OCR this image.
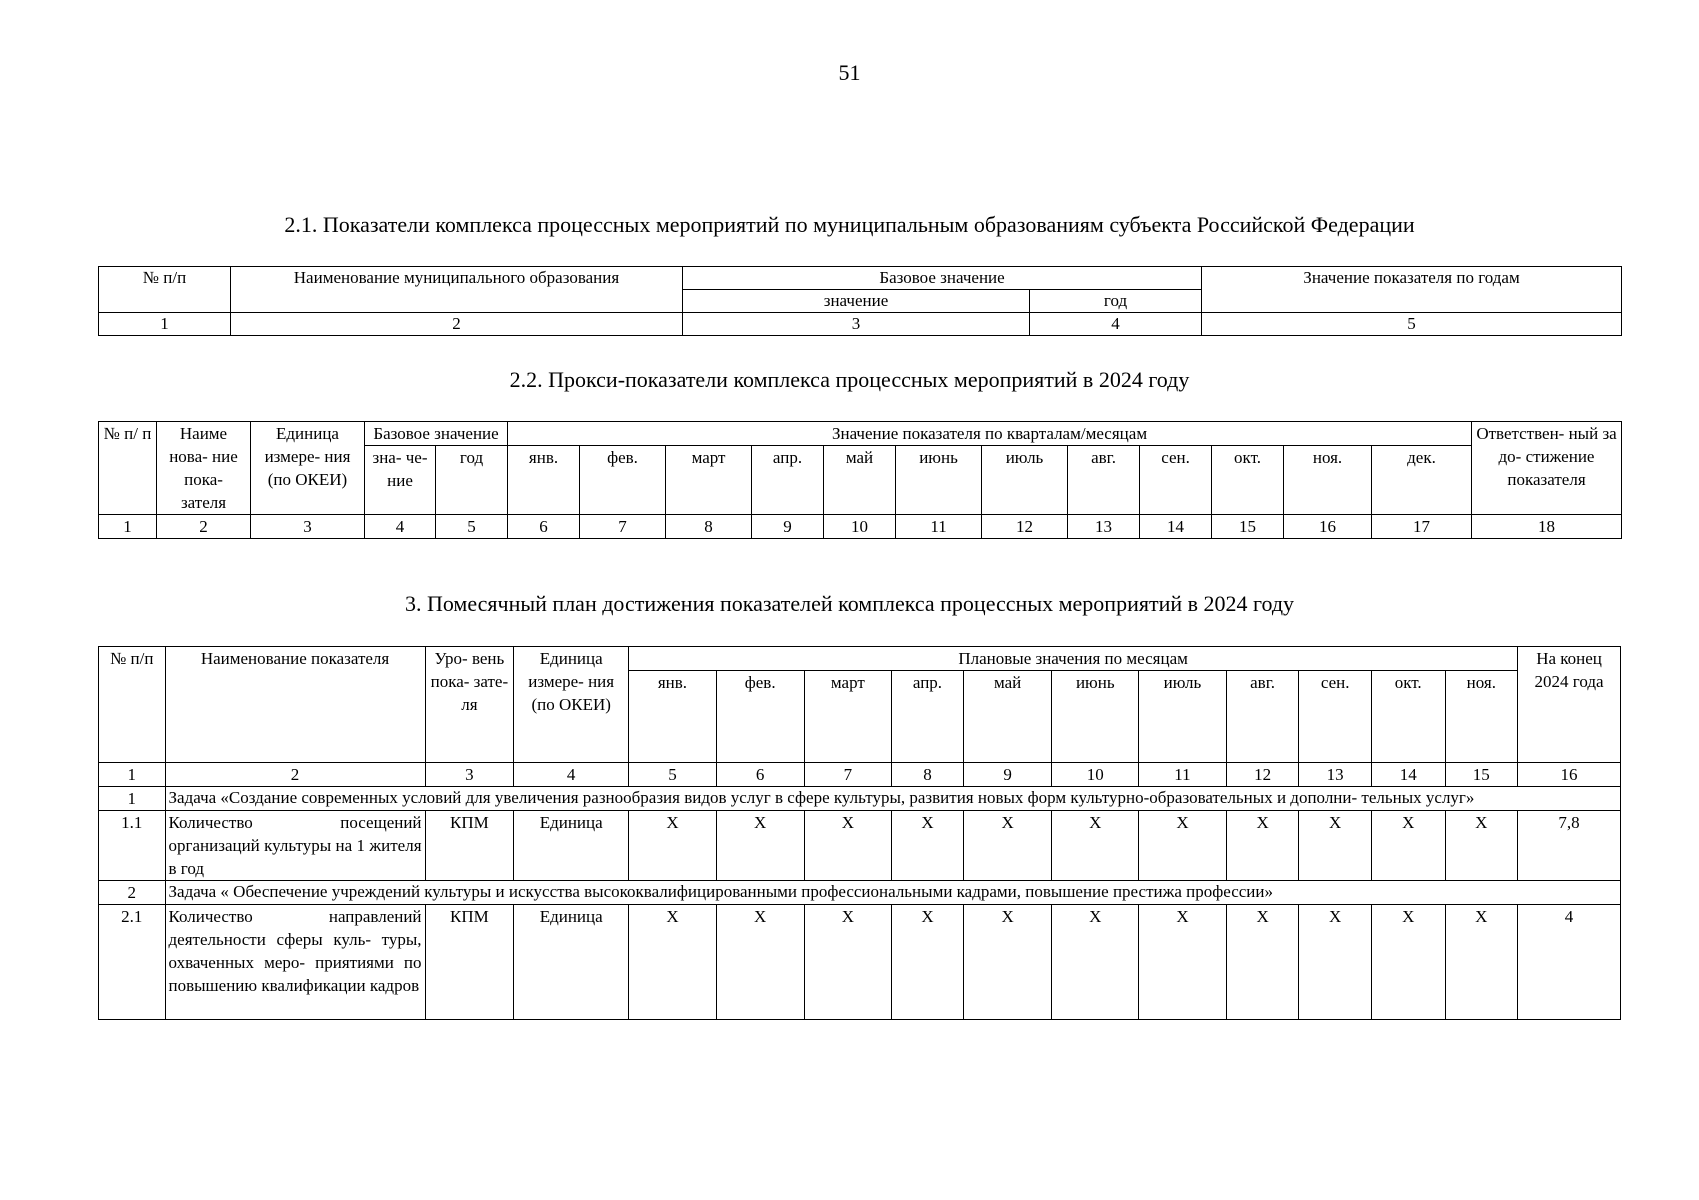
51
2.1. Показатели комплекса процессных мероприятий по муниципальным образованиям субъекта Российской Федерации
№ п/п	Наименование муниципального образования	Базовое значение		Значение показателя по годам
		значение	год	
1	2	3	4	5
2.2. Прокси-показатели комплекса процессных мероприятий в 2024 году
№ п/ п	Наиме нова- ние пока- зателя	Единица измере- ния (по ОКЕИ)	Базовое значение		Значение показателя по кварталам/месяцам												Ответствен- ный за до- стижение показателя
			зна- че- ние	год	янв.	фев.	март	апр.	май	июнь	июль	авг.	сен.	окт.	ноя.	дек.	
1	2	3	4	5	6	7	8	9	10	11	12	13	14	15	16	17	18
3. Помесячный план достижения показателей комплекса процессных мероприятий в 2024 году
№ п/п	Наименование показателя	Уро- вень пока- зате- ля	Единица измере- ния (по ОКЕИ)	Плановые значения по месяцам											На конец 2024 года
				янв.	фев.	март	апр.	май	июнь	июль	авг.	сен.	окт.	ноя.	
1	2	3	4	5	6	7	8	9	10	11	12	13	14	15	16
1	Задача «Создание современных условий для увеличения разнообразия видов услуг в сфере культуры, развития новых форм культурно-образовательных и дополни- тельных услуг»														
1.1	Количество посещений организаций культуры на 1 жителя в год	КПМ	Единица	Х	Х	Х	Х	Х	Х	Х	Х	Х	Х	Х	7,8
2	Задача « Обеспечение учреждений культуры и искусства высококвалифицированными профессиональными кадрами, повышение престижа профессии»														
2.1	Количество направлений деятельности сферы куль- туры, охваченных меро- приятиями по повышению квалификации кадров	КПМ	Единица	Х	Х	Х	Х	Х	Х	Х	Х	Х	Х	Х	4
